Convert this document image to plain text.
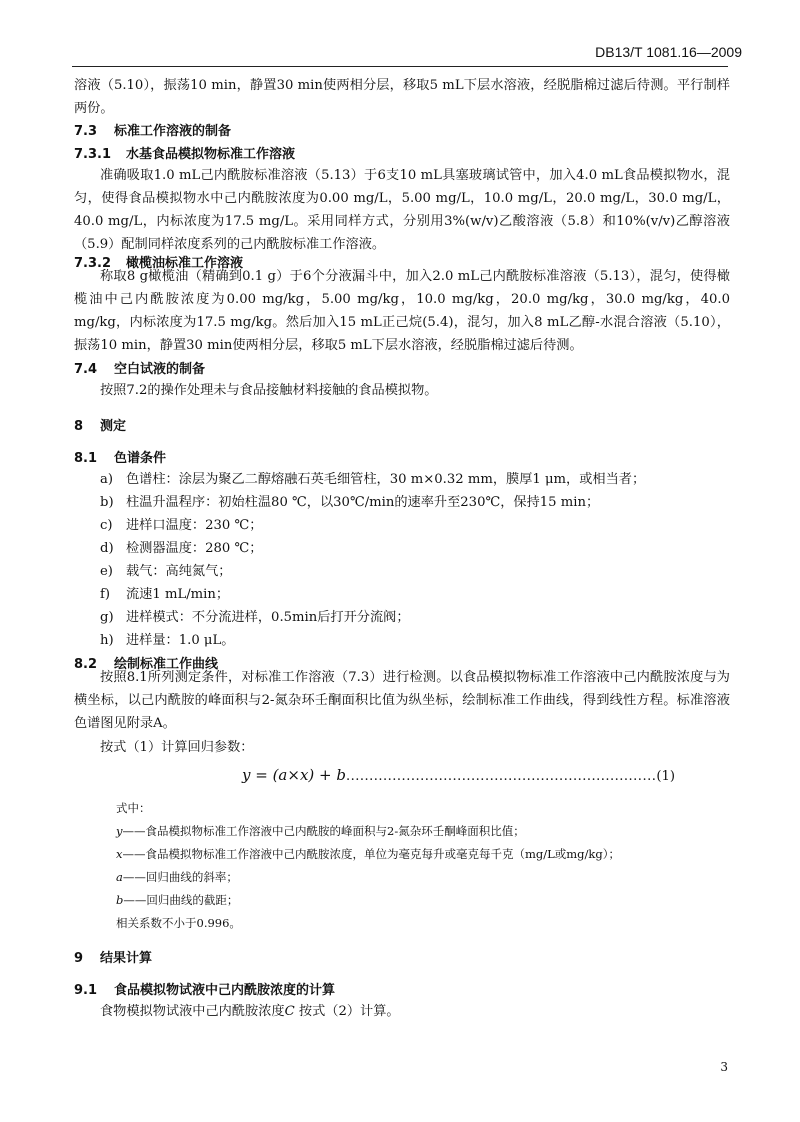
DB13/T 1081.16—2009
溶液（5.10），振荡10 min，静置30 min使两相分层，移取5 mL下层水溶液，经脱脂棉过滤后待测。平行制样两份。
7.3 标准工作溶液的制备
7.3.1 水基食品模拟物标准工作溶液
准确吸取1.0 mL己内酰胺标准溶液（5.13）于6支10 mL具塞玻璃试管中，加入4.0 mL食品模拟物水，混匀，使得食品模拟物水中己内酰胺浓度为0.00 mg/L，5.00 mg/L，10.0 mg/L，20.0 mg/L，30.0 mg/L，40.0 mg/L，内标浓度为17.5 mg/L。采用同样方式，分别用3%(w/v)乙酸溶液（5.8）和10%(v/v)乙醇溶液（5.9）配制同样浓度系列的己内酰胺标准工作溶液。
7.3.2 橄榄油标准工作溶液
称取8 g橄榄油（精确到0.1 g）于6个分液漏斗中，加入2.0 mL己内酰胺标准溶液（5.13），混匀，使得橄榄油中己内酰胺浓度为0.00 mg/kg，5.00 mg/kg，10.0 mg/kg，20.0 mg/kg，30.0 mg/kg，40.0 mg/kg，内标浓度为17.5 mg/kg。然后加入15 mL正己烷(5.4)，混匀，加入8 mL乙醇-水混合溶液（5.10），振荡10 min，静置30 min使两相分层，移取5 mL下层水溶液，经脱脂棉过滤后待测。
7.4 空白试液的制备
按照7.2的操作处理未与食品接触材料接触的食品模拟物。
8 测定
8.1 色谱条件
a) 色谱柱：涂层为聚乙二醇熔融石英毛细管柱，30 m×0.32 mm，膜厚1 μm，或相当者；
b) 柱温升温程序：初始柱温80 ℃，以30℃/min的速率升至230℃，保持15 min；
c) 进样口温度：230 ℃；
d) 检测器温度：280 ℃；
e) 载气：高纯氮气；
f) 流速1 mL/min；
g) 进样模式：不分流进样，0.5min后打开分流阀；
h) 进样量：1.0 μL。
8.2 绘制标准工作曲线
按照8.1所列测定条件，对标准工作溶液（7.3）进行检测。以食品模拟物标准工作溶液中己内酰胺浓度与为横坐标，以己内酰胺的峰面积与2-氮杂环壬酮面积比值为纵坐标，绘制标准工作曲线，得到线性方程。标准溶液色谱图见附录A。
按式（1）计算回归参数：
y = (a×x) + b...................................................................(1)
式中：
y——食品模拟物标准工作溶液中己内酰胺的峰面积与2-氮杂环壬酮峰面积比值；
x——食品模拟物标准工作溶液中己内酰胺浓度，单位为毫克每升或毫克每千克（mg/L或mg/kg）；
a——回归曲线的斜率；
b——回归曲线的截距；
相关系数不小于0.996。
9 结果计算
9.1 食品模拟物试液中己内酰胺浓度的计算
食物模拟物试液中己内酰胺浓度C 按式（2）计算。
3
